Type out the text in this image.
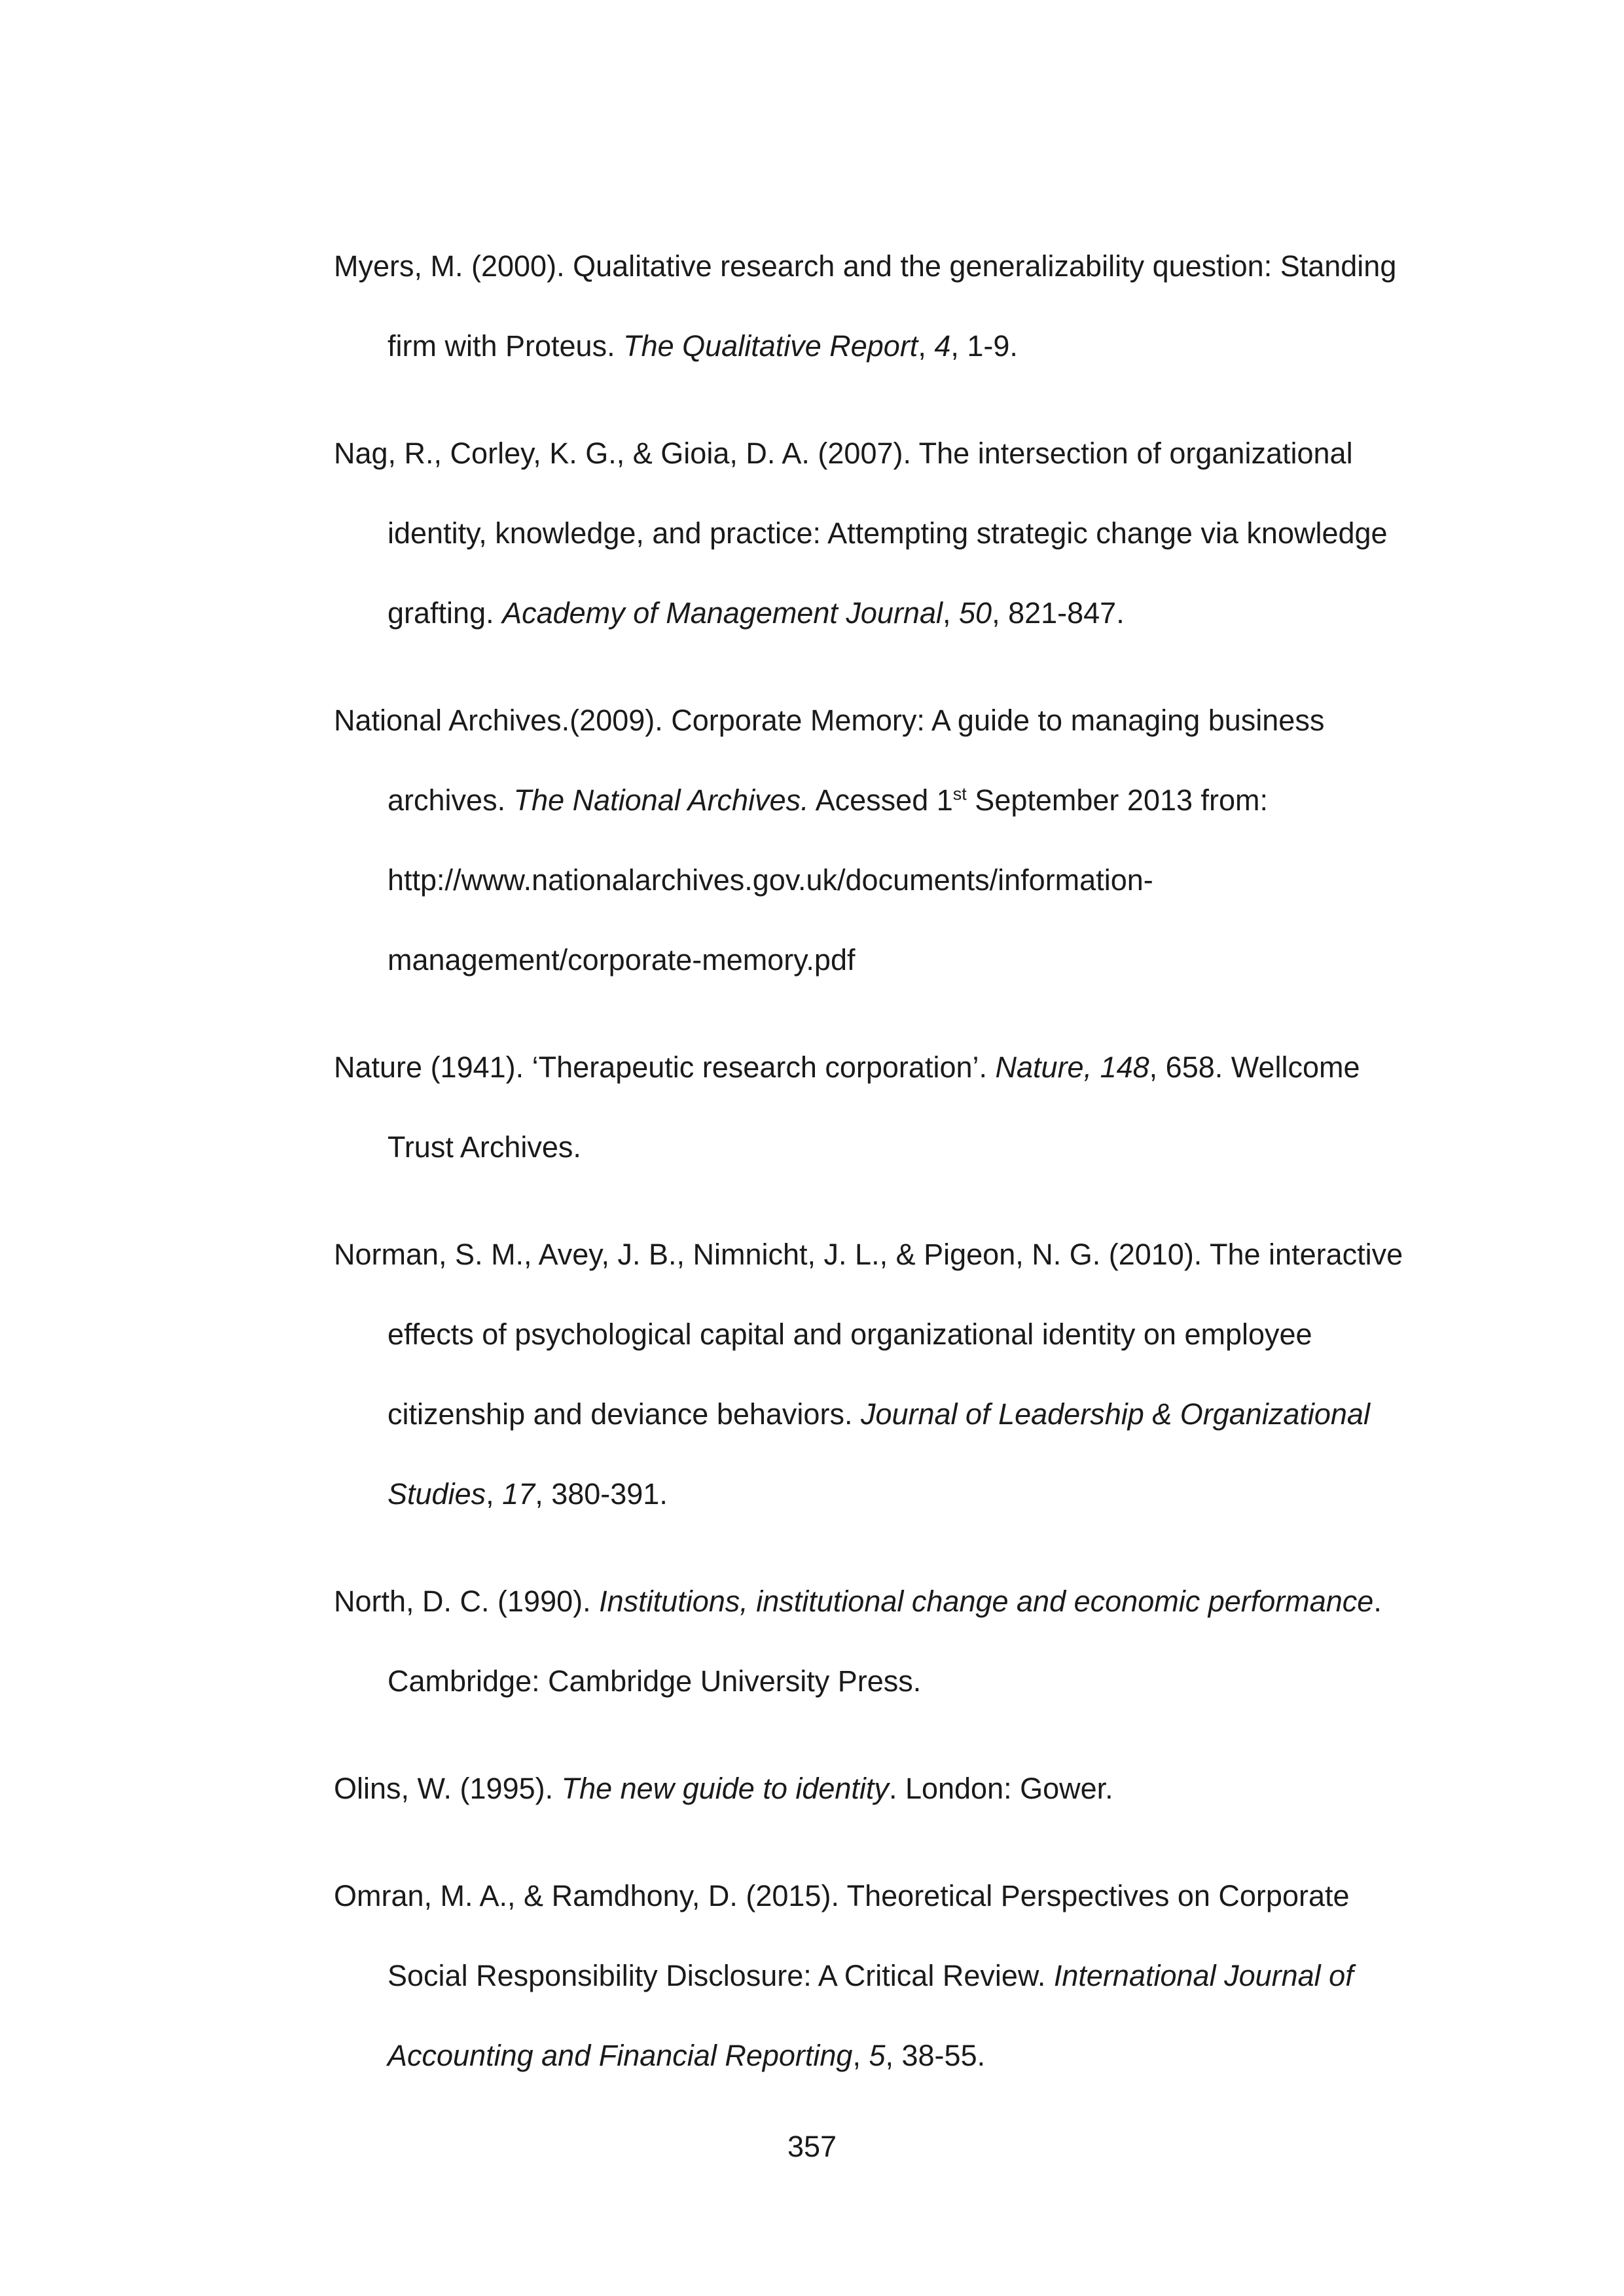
Myers, M. (2000). Qualitative research and the generalizability question: Standing
firm with Proteus. The Qualitative Report, 4, 1-9.
Nag, R., Corley, K. G., & Gioia, D. A. (2007). The intersection of organizational
identity, knowledge, and practice: Attempting strategic change via knowledge
grafting. Academy of Management Journal, 50, 821-847.
National Archives.(2009). Corporate Memory: A guide to managing business
archives. The National Archives. Acessed 1st September 2013 from:
http://www.nationalarchives.gov.uk/documents/information-
management/corporate-memory.pdf
Nature (1941). ‘Therapeutic research corporation’. Nature, 148, 658. Wellcome
Trust Archives.
Norman, S. M., Avey, J. B., Nimnicht, J. L., & Pigeon, N. G. (2010). The interactive
effects of psychological capital and organizational identity on employee
citizenship and deviance behaviors. Journal of Leadership & Organizational
Studies, 17, 380-391.
North, D. C. (1990). Institutions, institutional change and economic performance.
Cambridge: Cambridge University Press.
Olins, W. (1995). The new guide to identity. London: Gower.
Omran, M. A., & Ramdhony, D. (2015). Theoretical Perspectives on Corporate
Social Responsibility Disclosure: A Critical Review. International Journal of
Accounting and Financial Reporting, 5, 38-55.
357
